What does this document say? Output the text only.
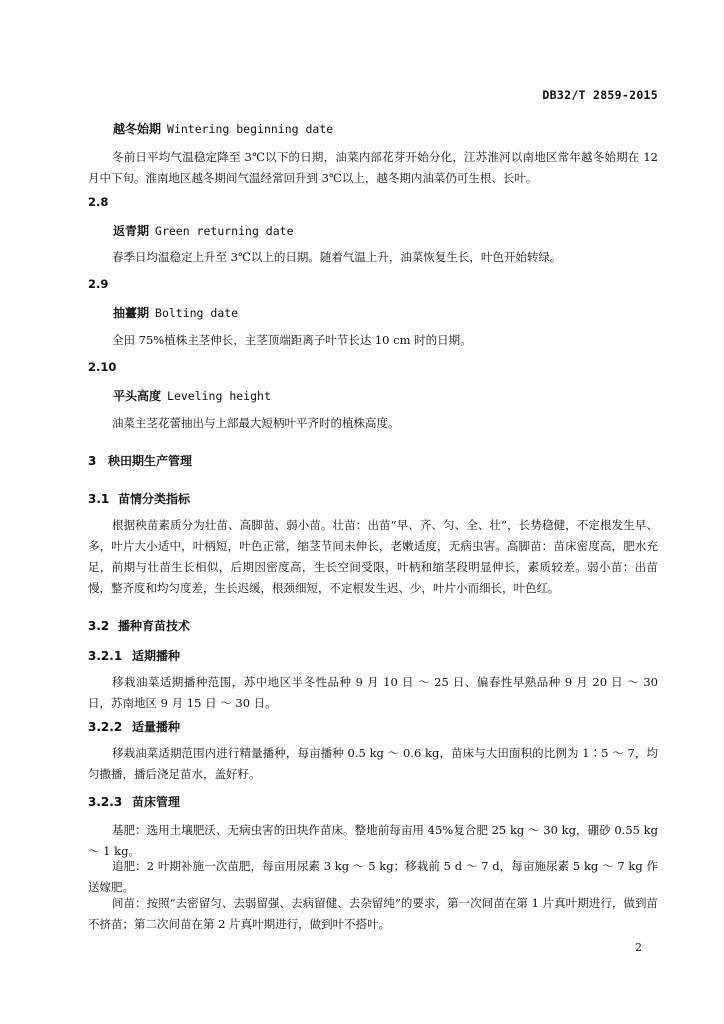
DB32/T 2859-2015
越冬始期 Wintering beginning date
冬前日平均气温稳定降至 3℃以下的日期，油菜内部花芽开始分化，江苏淮河以南地区常年越冬始期在 12 月中下旬。淮南地区越冬期间气温经常回升到 3℃以上，越冬期内油菜仍可生根、长叶。
2.8
返青期 Green returning date
春季日均温稳定上升至 3℃以上的日期。随着气温上升，油菜恢复生长，叶色开始转绿。
2.9
抽薹期 Bolting date
全田 75%植株主茎伸长，主茎顶端距离子叶节长达 10 cm 时的日期。
2.10
平头高度 Leveling height
油菜主茎花蕾抽出与上部最大短柄叶平齐时的植株高度。
3 秧田期生产管理
3.1 苗情分类指标
根据秧苗素质分为壮苗、高脚苗、弱小苗。壮苗：出苗“早、齐、匀、全、壮”，长势稳健，不定根发生早、多，叶片大小适中，叶柄短，叶色正常，缩茎节间未伸长，老嫩适度，无病虫害。高脚苗：苗床密度高，肥水充足，前期与壮苗生长相似，后期因密度高，生长空间受限，叶柄和缩茎段明显伸长，素质较差。弱小苗：出苗慢，整齐度和均匀度差，生长迟缓，根颈细短，不定根发生迟、少，叶片小而细长，叶色红。
3.2 播种育苗技术
3.2.1 适期播种
移栽油菜适期播种范围，苏中地区半冬性品种 9 月 10 日 ～ 25 日、偏春性早熟品种 9 月 20 日 ～ 30 日，苏南地区 9 月 15 日 ～ 30 日。
3.2.2 适量播种
移栽油菜适期范围内进行精量播种，每亩播种 0.5 kg ～ 0.6 kg，苗床与大田面积的比例为 1∶5 ～ 7，均匀撒播，播后浇足苗水，盖好籽。
3.2.3 苗床管理
基肥：选用土壤肥沃、无病虫害的田块作苗床。整地前每亩用 45%复合肥 25 kg ～ 30 kg，硼砂 0.55 kg ～ 1 kg。
追肥：2 叶期补施一次苗肥，每亩用尿素 3 kg ～ 5 kg；移栽前 5 d ～ 7 d，每亩施尿素 5 kg ～ 7 kg 作送嫁肥。
间苗：按照“去密留匀、去弱留强、去病留健、去杂留纯”的要求，第一次间苗在第 1 片真叶期进行，做到苗不挤苗；第二次间苗在第 2 片真叶期进行，做到叶不搭叶。
2
